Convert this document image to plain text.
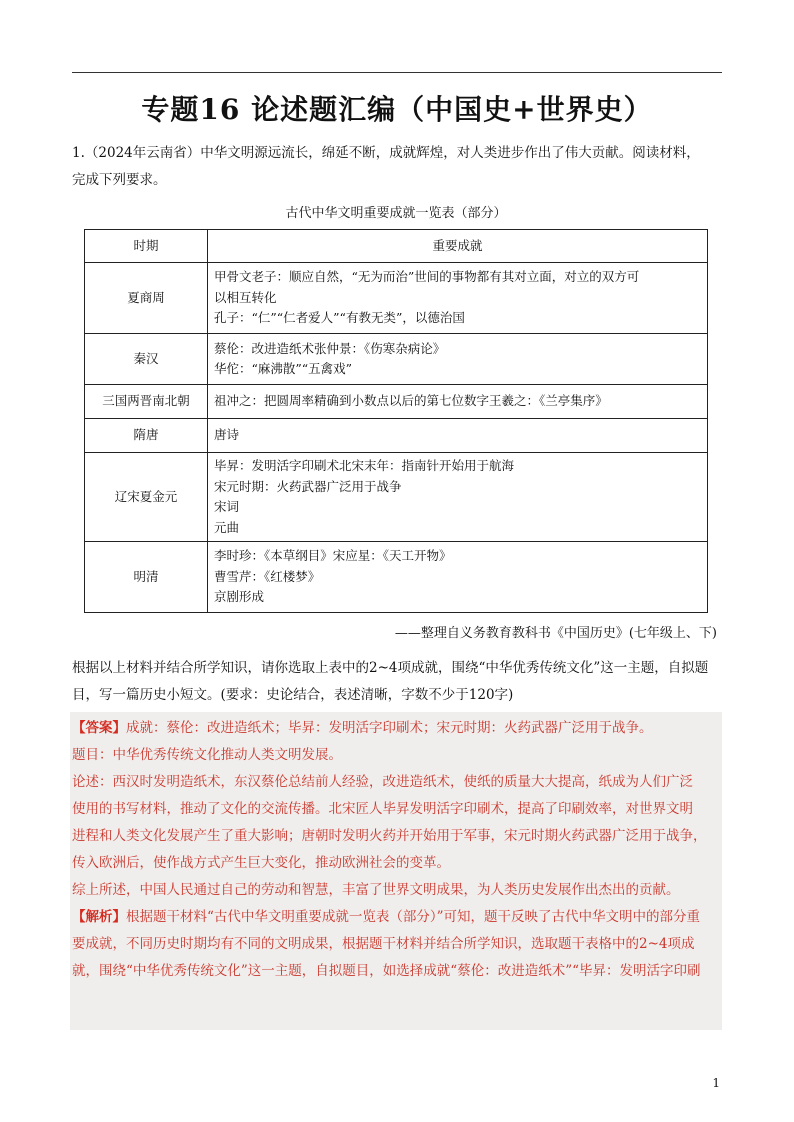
专题16 论述题汇编（中国史+世界史）
1.（2024年云南省）中华文明源远流长，绵延不断，成就辉煌，对人类进步作出了伟大贡献。阅读材料，
完成下列要求。
古代中华文明重要成就一览表（部分）
时期	重要成就
夏商周	甲骨文老子：顺应自然，“无为而治”世间的事物都有其对立面，对立的双方可
以相互转化
孔子：“仁”“仁者爱人”“有教无类”，以德治国

秦汉	蔡伦：改进造纸术张仲景：《伤寒杂病论》
华佗：“麻沸散”“五禽戏”

三国两晋南北朝	祖冲之：把圆周率精确到小数点以后的第七位数字王羲之：《兰亭集序》

隋唐	唐诗

辽宋夏金元	毕昇：发明活字印刷术北宋末年：指南针开始用于航海
宋元时期：火药武器广泛用于战争
宋词
元曲

明清	李时珍：《本草纲目》宋应星：《天工开物》
曹雪芹：《红楼梦》
京剧形成
——整理自义务教育教科书《中国历史》(七年级上、下)
根据以上材料并结合所学知识，请你选取上表中的2~4项成就，围绕“中华优秀传统文化”这一主题，自拟题
目，写一篇历史小短文。(要求：史论结合，表述清晰，字数不少于120字)
【答案】成就：蔡伦：改进造纸术；毕昇：发明活字印刷术；宋元时期：火药武器广泛用于战争。
题目：中华优秀传统文化推动人类文明发展。
论述：西汉时发明造纸术，东汉蔡伦总结前人经验，改进造纸术，使纸的质量大大提高，纸成为人们广泛
使用的书写材料，推动了文化的交流传播。北宋匠人毕昇发明活字印刷术，提高了印刷效率，对世界文明
进程和人类文化发展产生了重大影响；唐朝时发明火药并开始用于军事，宋元时期火药武器广泛用于战争，
传入欧洲后，使作战方式产生巨大变化，推动欧洲社会的变革。
综上所述，中国人民通过自己的劳动和智慧，丰富了世界文明成果，为人类历史发展作出杰出的贡献。
【解析】根据题干材料“古代中华文明重要成就一览表（部分）”可知，题干反映了古代中华文明中的部分重
要成就，不同历史时期均有不同的文明成果，根据题干材料并结合所学知识，选取题干表格中的2~4项成
就，围绕“中华优秀传统文化”这一主题，自拟题目，如选择成就“蔡伦：改进造纸术”“毕昇：发明活字印刷
1
